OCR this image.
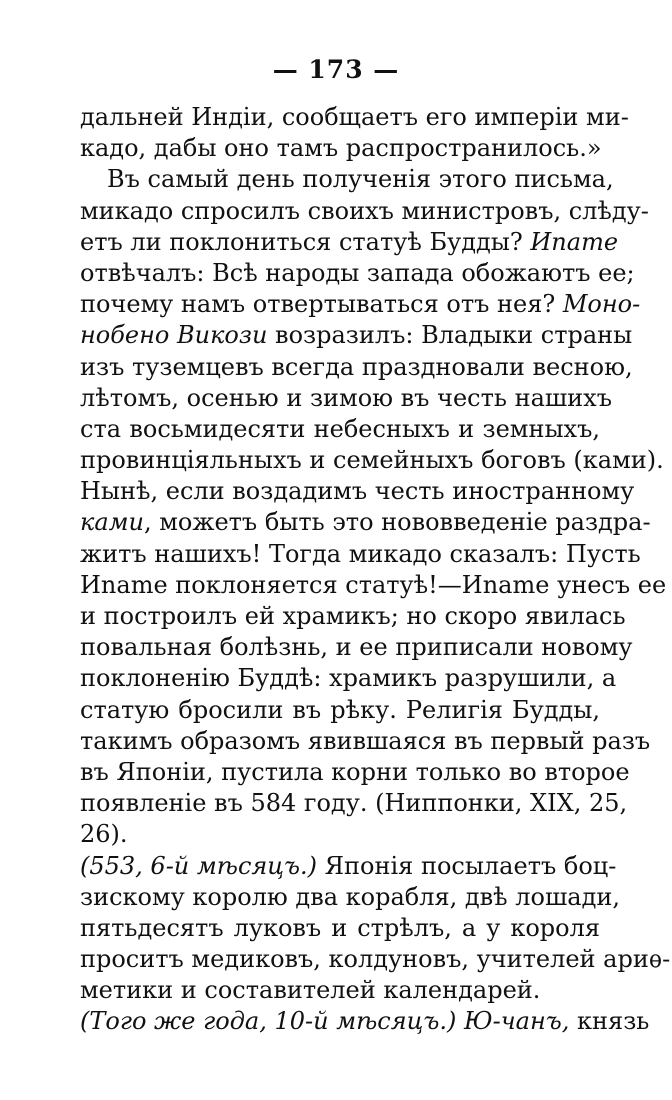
— 173 —
дальней Индіи, сообщаетъ его имперіи ми-
кадо, дабы оно тамъ распространилось.»
Въ самый день полученія этого письма,
микадо спросилъ своихъ министровъ, слѣду-
етъ ли поклониться статуѣ Будды? Иname
отвѣчалъ: Всѣ народы запада обожаютъ ее;
почему намъ отвертываться отъ нея? Моно-
нобено Викози возразилъ: Владыки страны
изъ туземцевъ всегда праздновали весною,
лѣтомъ, осенью и зимою въ честь нашихъ
ста восьмидесяти небесныхъ и земныхъ,
провинціяльныхъ и семейныхъ боговъ (ками).
Нынѣ, если воздадимъ честь иностранному
ками, можетъ быть это нововведеніе раздра-
житъ нашихъ! Тогда микадо сказалъ: Пусть
Иname поклоняется статуѣ!—Иname унесъ ее
и построилъ ей храмикъ; но скоро явилась
повальная болѣзнь, и ее приписали новому
поклоненію Буддѣ: храмикъ разрушили, а
статую бросили въ рѣку. Религія Будды,
такимъ образомъ явившаяся въ первый разъ
въ Японіи, пустила корни только во второе
появленіе въ 584 году. (Ниппонки, XIX, 25,
26).
(553, 6-й мѣсяцъ.) Японія посылаетъ боц-
зискому королю два корабля, двѣ лошади,
пятьдесятъ луковъ и стрѣлъ, а у короля
проситъ медиковъ, колдуновъ, учителей ариѳ-
метики и составителей календарей.
(Того же года, 10-й мѣсяцъ.) Ю-чанъ, князь
